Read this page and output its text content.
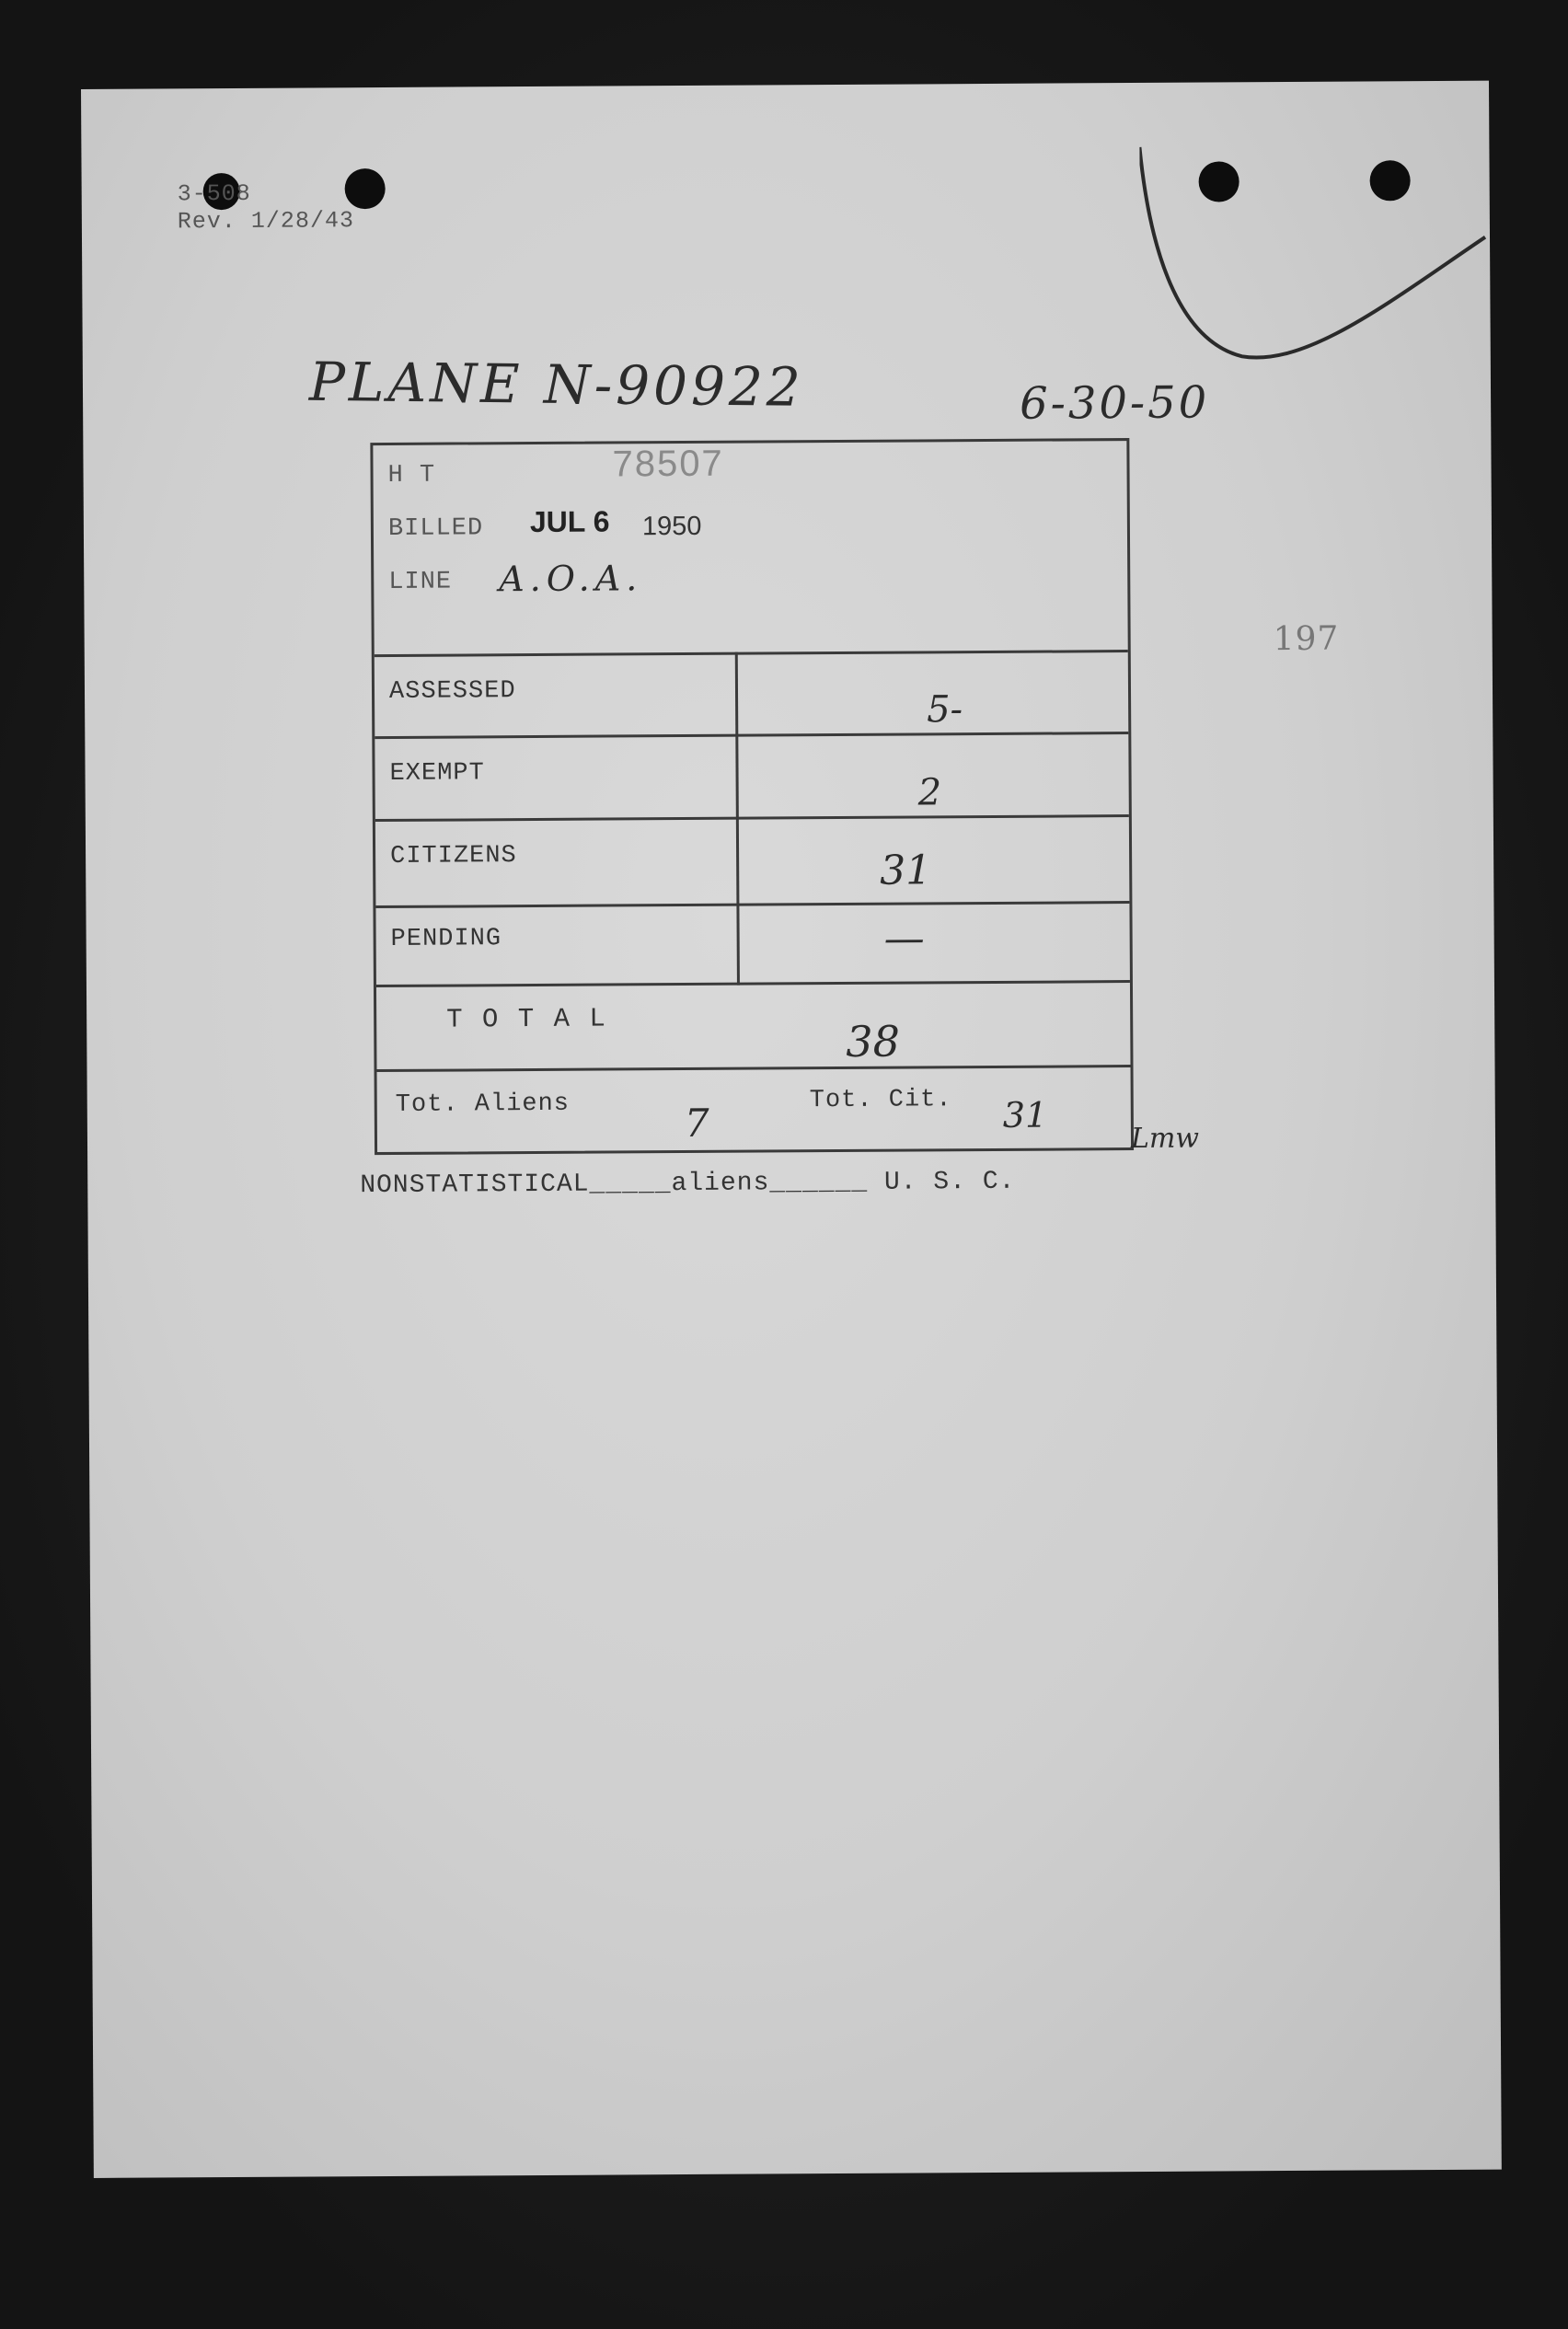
3-508
Rev. 1/28/43
PLANE N-90922	6-30-50
197
H T	78507
BILLED JUL 6 1950
LINE A.O.A.
ASSESSED	5-
EXEMPT	2
CITIZENS	31
PENDING	—
T O T A L	38
Tot. Aliens	7
Tot. Cit. 31
Lmw
NONSTATISTICAL_____aliens______ U. S. C.
